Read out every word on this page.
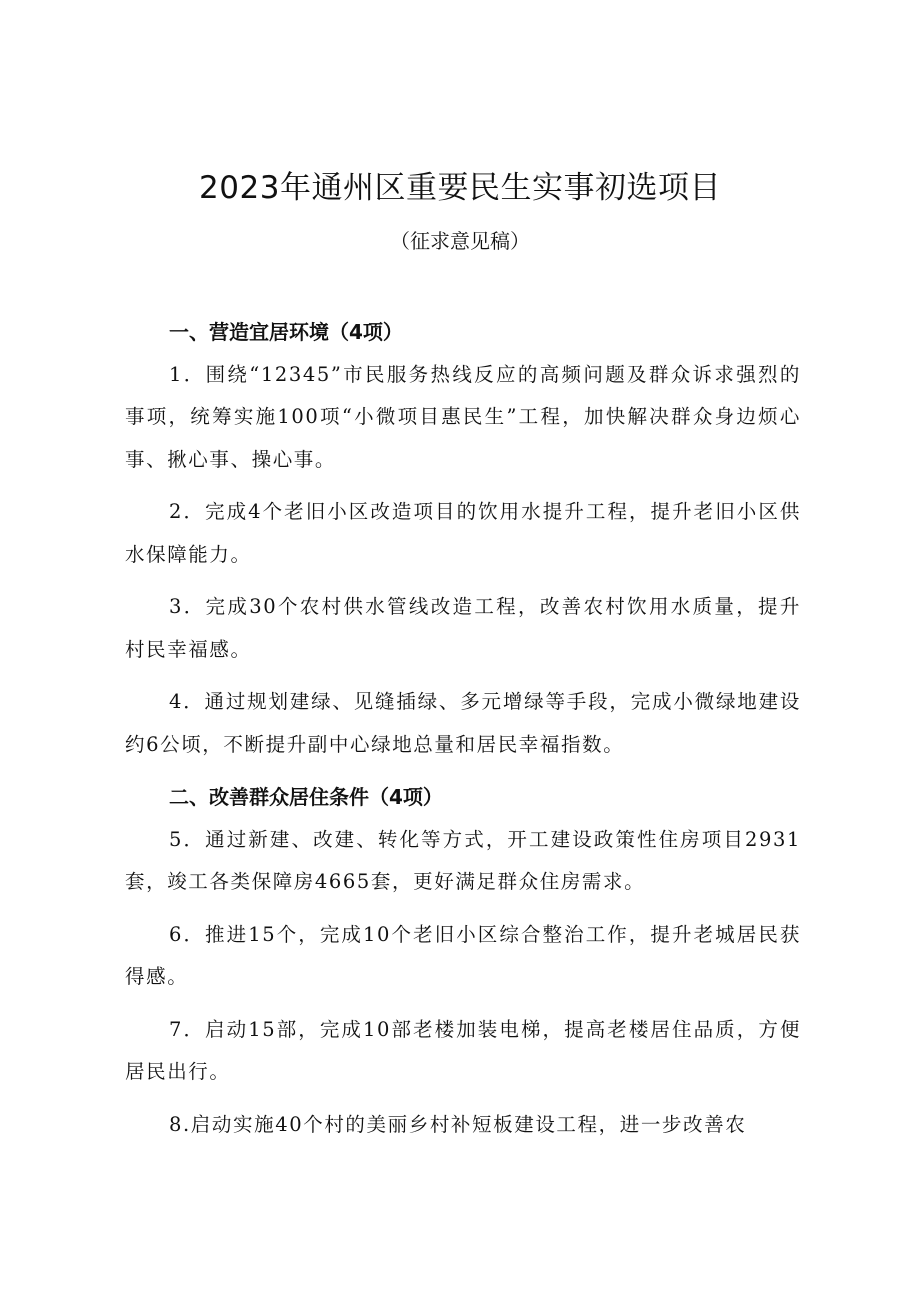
2023年通州区重要民生实事初选项目

（征求意见稿）

一、营造宜居环境（4项）

1．围绕“12345”市民服务热线反应的高频问题及群众诉求强烈的事项，统筹实施100项“小微项目惠民生”工程，加快解决群众身边烦心事、揪心事、操心事。

2．完成4个老旧小区改造项目的饮用水提升工程，提升老旧小区供水保障能力。

3．完成30个农村供水管线改造工程，改善农村饮用水质量，提升村民幸福感。

4．通过规划建绿、见缝插绿、多元增绿等手段，完成小微绿地建设约6公顷，不断提升副中心绿地总量和居民幸福指数。

二、改善群众居住条件（4项）

5．通过新建、改建、转化等方式，开工建设政策性住房项目2931套，竣工各类保障房4665套，更好满足群众住房需求。

6．推进15个，完成10个老旧小区综合整治工作，提升老城居民获得感。

7．启动15部，完成10部老楼加装电梯，提高老楼居住品质，方便居民出行。

8.启动实施40个村的美丽乡村补短板建设工程，进一步改善农
